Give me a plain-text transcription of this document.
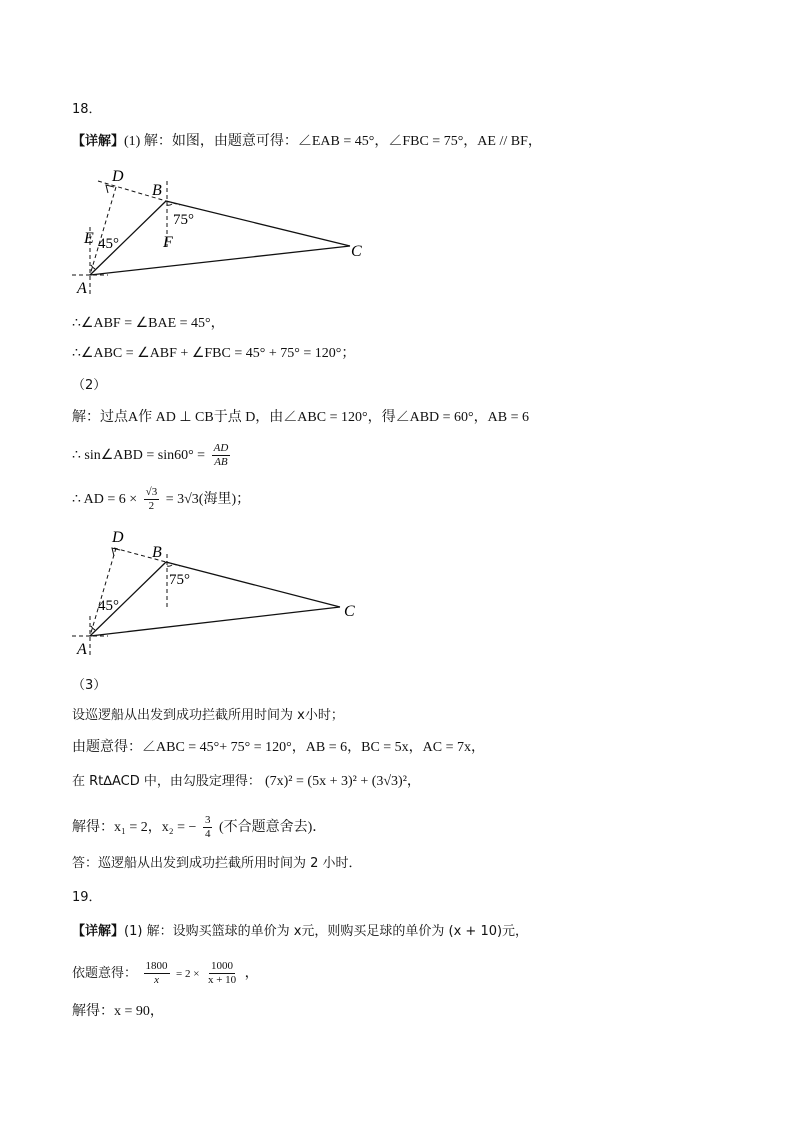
18．
【详解】(1) 解：如图，由题意可得：∠EAB = 45°，∠FBC = 75°，AE // BF，
D
B
E	F
A
C
45°
75°
∴∠ABF = ∠BAE = 45°，
∴∠ABC = ∠ABF + ∠FBC = 45° + 75° = 120°；
（2）
解：过点A作 AD ⊥ CB于点 D，由∠ABC = 120°，得∠ABD = 60°，AB = 6
∴ sin∠ABD = $\sin 60^\circ = \frac{AD}{AB}$
∴ AD = $6 \times \frac{√3}{2} = 3√3$(海里)；
D
B
A
C
45°
75°
（3）
设巡逻船从出发到成功拦截所用时间为 x小时；
由题意得：∠ABC = 45°+ 75° = 120°，AB = 6，BC = 5x，AC = 7x，
在 Rt∆ACD 中，由勾股定理得： (7x)² = (5x + 3)² + (3√3)²，
解得：x₁ = 2，x₂ = − $\frac{3}{4}$ (不合题意舍去)．
答：巡逻船从出发到成功拦截所用时间为 2 小时．
19．
【详解】(1) 解：设购买篮球的单价为 x元，则购买足球的单价为 (x + 10)元，
依题意得： $\frac{1800}{x} = 2 \times \frac{1000}{x + 10}$ ，
解得：x = 90，
